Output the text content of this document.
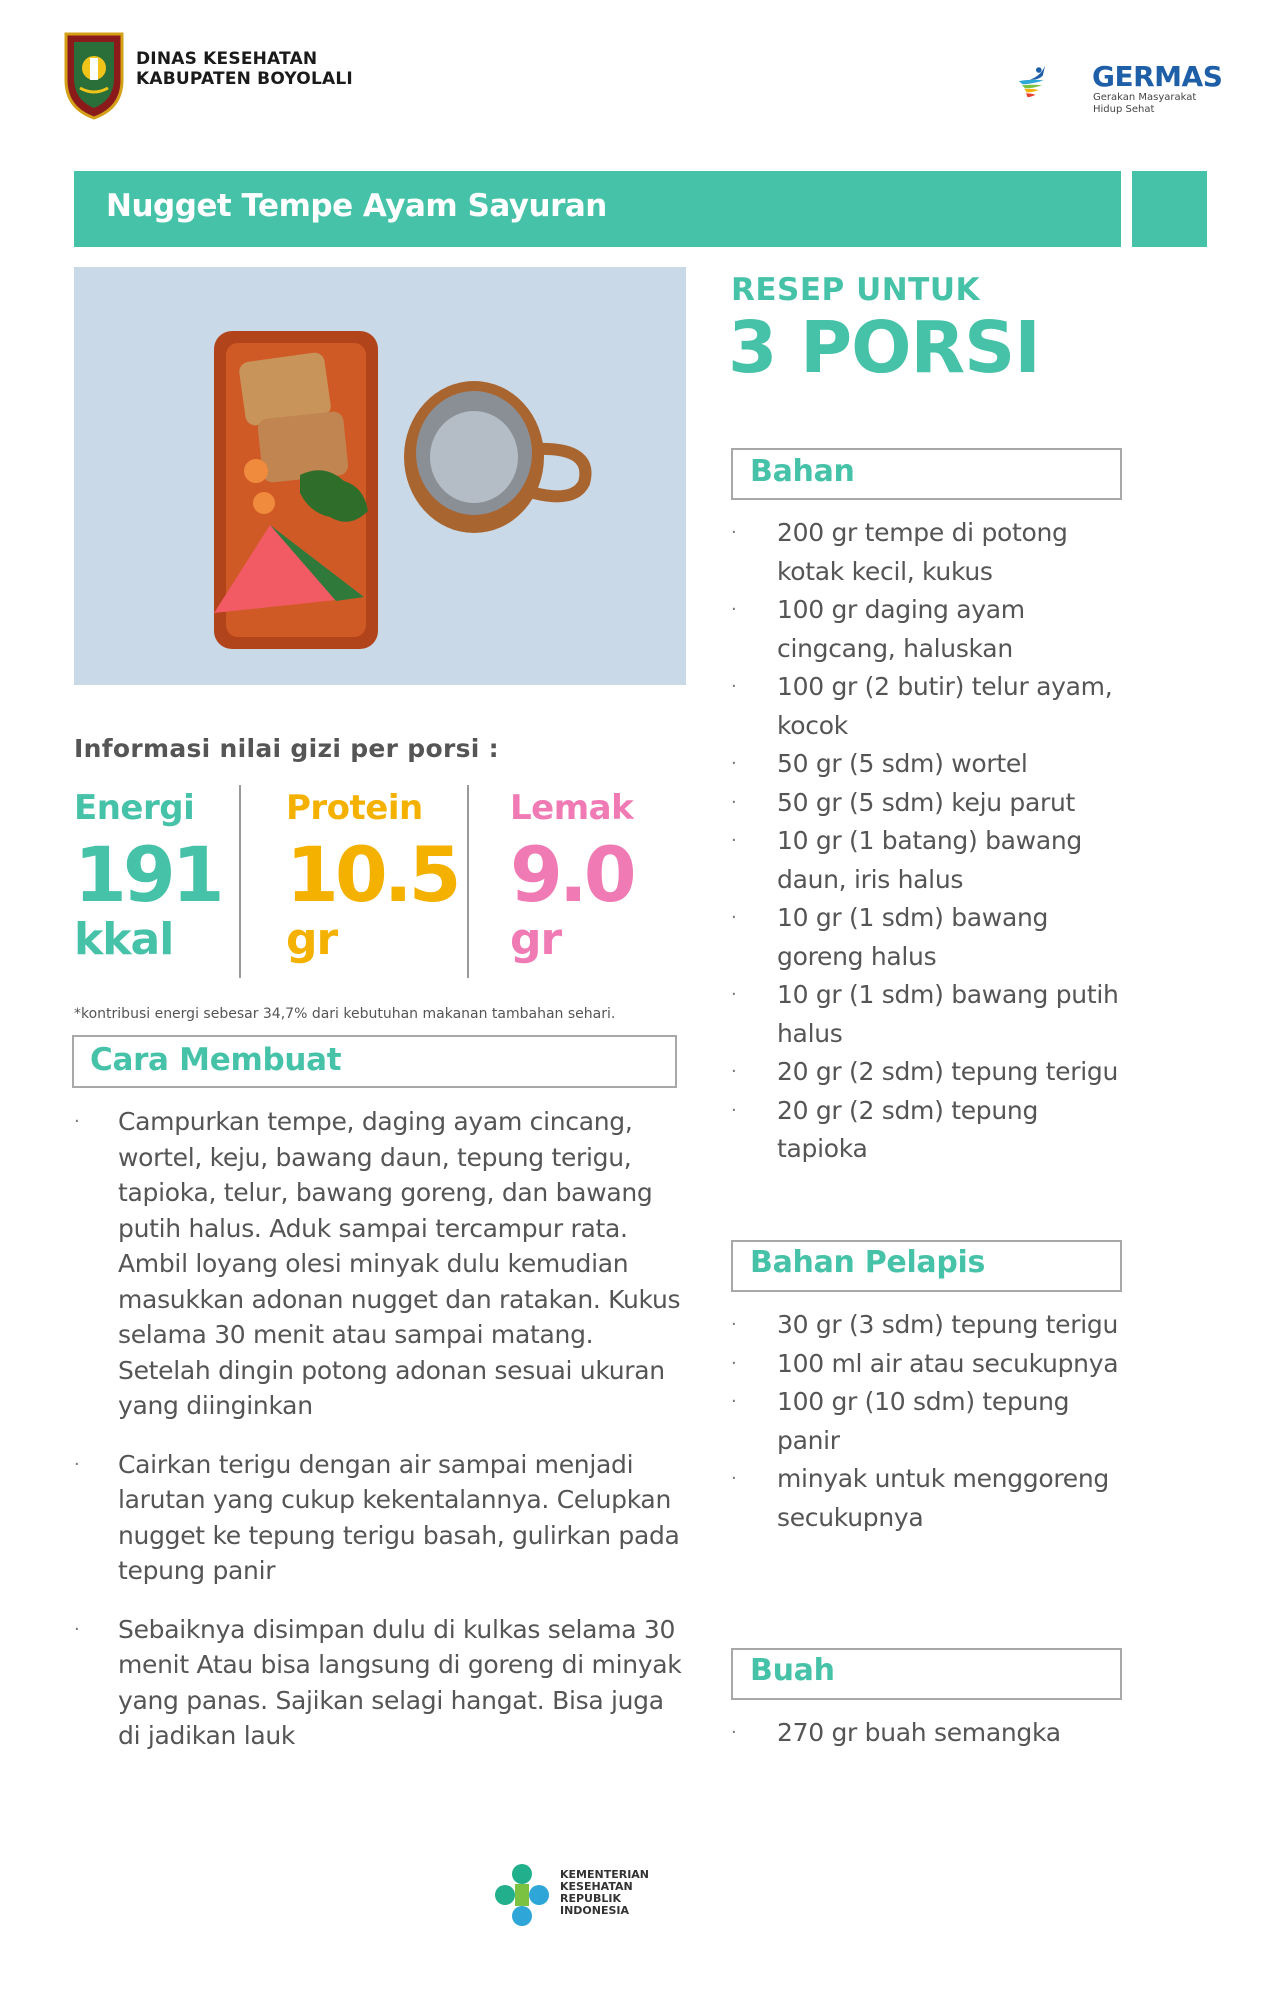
DINAS KESEHATAN
KABUPATEN BOYOLALI	GERMAS
Gerakan Masyarakat Hidup Sehat
Nugget Tempe Ayam Sayuran
RESEP UNTUK
3 PORSI
Informasi nilai gizi per porsi :
Energi
191
kkal
Protein
10.5
gr
Lemak
9.0
gr
*kontribusi energi sebesar 34,7% dari kebutuhan makanan tambahan sehari.
Cara Membuat
· Campurkan tempe, daging ayam cincang, wortel, keju, bawang daun, tepung terigu, tapioka, telur, bawang goreng, dan bawang putih halus. Aduk sampai tercampur rata. Ambil loyang olesi minyak dulu kemudian masukkan adonan nugget dan ratakan. Kukus selama 30 menit atau sampai matang. Setelah dingin potong adonan sesuai ukuran yang diinginkan
· Cairkan terigu dengan air sampai menjadi larutan yang cukup kekentalannya. Celupkan nugget ke tepung terigu basah, gulirkan pada tepung panir
· Sebaiknya disimpan dulu di kulkas selama 30 menit Atau bisa langsung di goreng di minyak yang panas. Sajikan selagi hangat. Bisa juga di jadikan lauk
Bahan
·	200 gr tempe di potong kotak kecil, kukus
·	100 gr daging ayam cingcang, haluskan
·	100 gr (2 butir) telur ayam, kocok
·	50 gr (5 sdm) wortel
·	50 gr (5 sdm) keju parut
·	10 gr (1 batang) bawang daun, iris halus
·	10 gr (1 sdm) bawang goreng halus
·	10 gr (1 sdm) bawang putih halus
·	20 gr (2 sdm) tepung terigu
·	20 gr (2 sdm) tepung tapioka
Bahan Pelapis
·	30 gr (3 sdm) tepung terigu
·	100 ml air atau secukupnya
·	100 gr (10 sdm) tepung panir
·	minyak untuk menggoreng secukupnya
Buah
·	270 gr buah semangka
KEMENTERIAN
KESEHATAN
REPUBLIK
INDONESIA
